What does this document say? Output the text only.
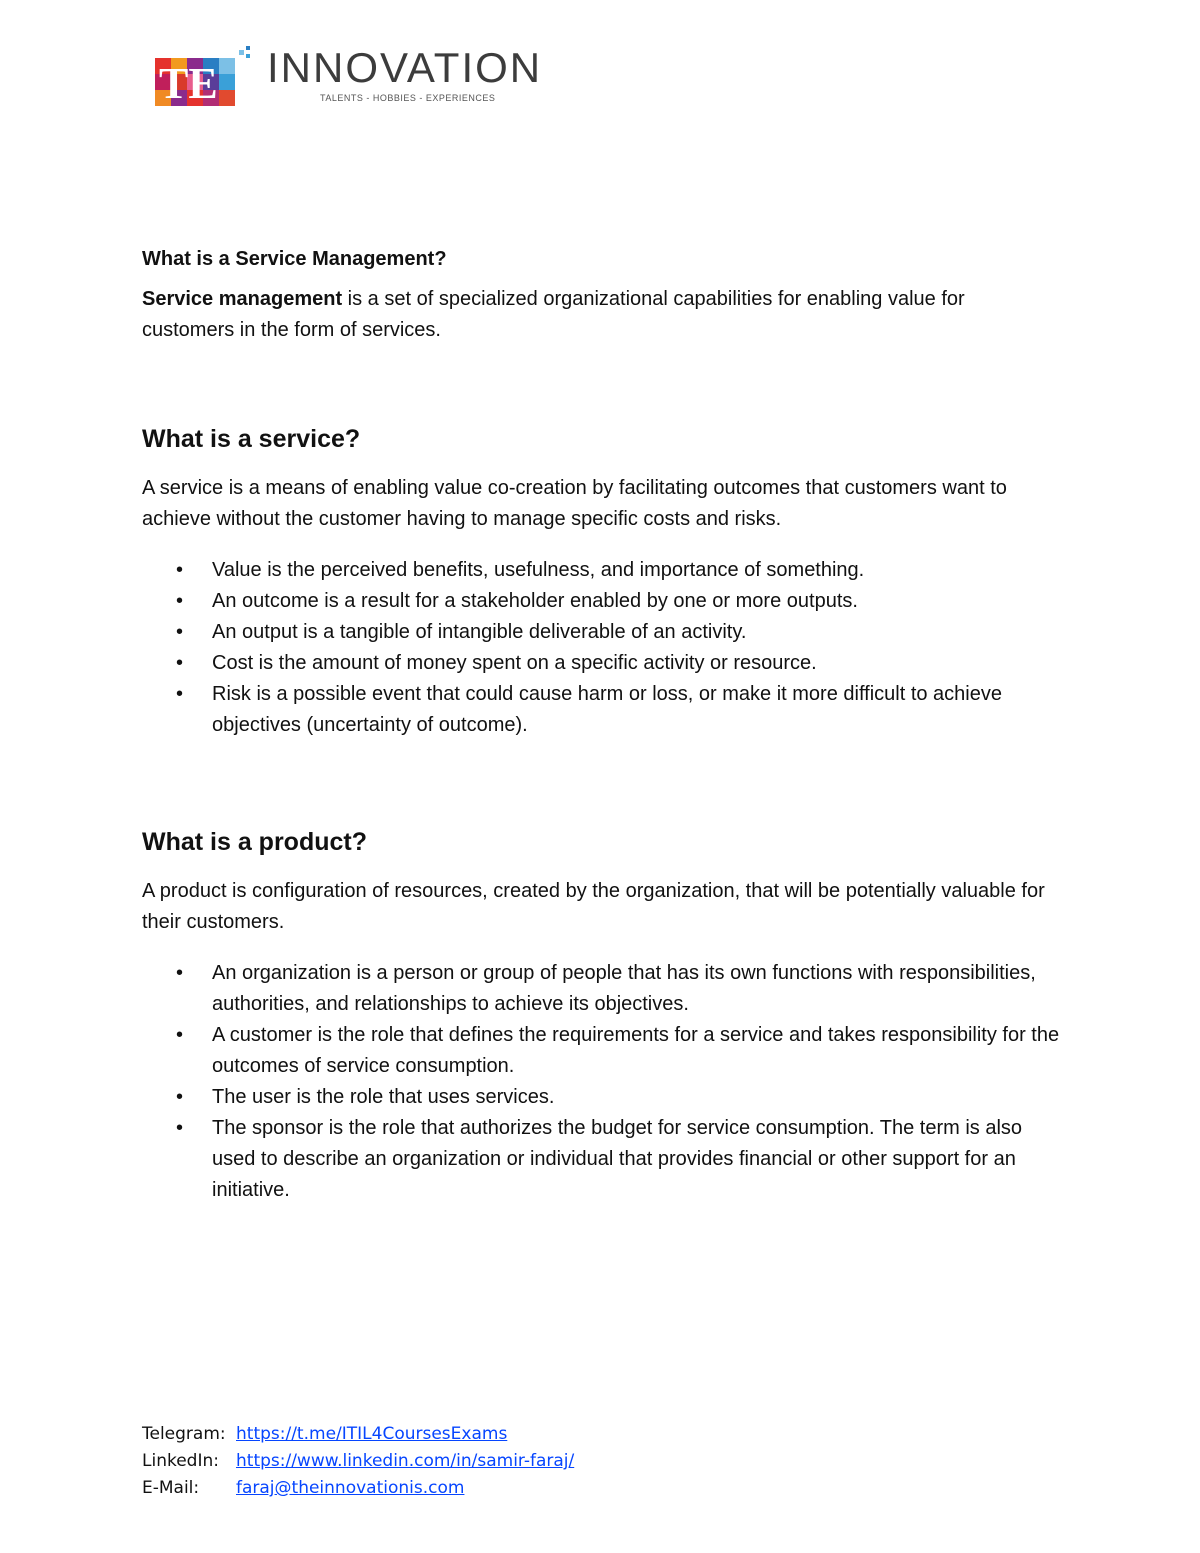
TE INNOVATION
TALENTS - HOBBIES - EXPERIENCES
What is a Service Management?

Service management is a set of specialized organizational capabilities for enabling value for customers in the form of services.

What is a service?

A service is a means of enabling value co-creation by facilitating outcomes that customers want to achieve without the customer having to manage specific costs and risks.

• Value is the perceived benefits, usefulness, and importance of something.
• An outcome is a result for a stakeholder enabled by one or more outputs.
• An output is a tangible of intangible deliverable of an activity.
• Cost is the amount of money spent on a specific activity or resource.
• Risk is a possible event that could cause harm or loss, or make it more difficult to achieve objectives (uncertainty of outcome).
What is a product?

A product is configuration of resources, created by the organization, that will be potentially valuable for their customers.

• An organization is a person or group of people that has its own functions with responsibilities, authorities, and relationships to achieve its objectives.
• A customer is the role that defines the requirements for a service and takes responsibility for the outcomes of service consumption.
• The user is the role that uses services.
• The sponsor is the role that authorizes the budget for service consumption. The term is also used to describe an organization or individual that provides financial or other support for an initiative.
Telegram: https://t.me/ITIL4CoursesExams
LinkedIn: https://www.linkedin.com/in/samir-faraj/
E-Mail: faraj@theinnovationis.com
